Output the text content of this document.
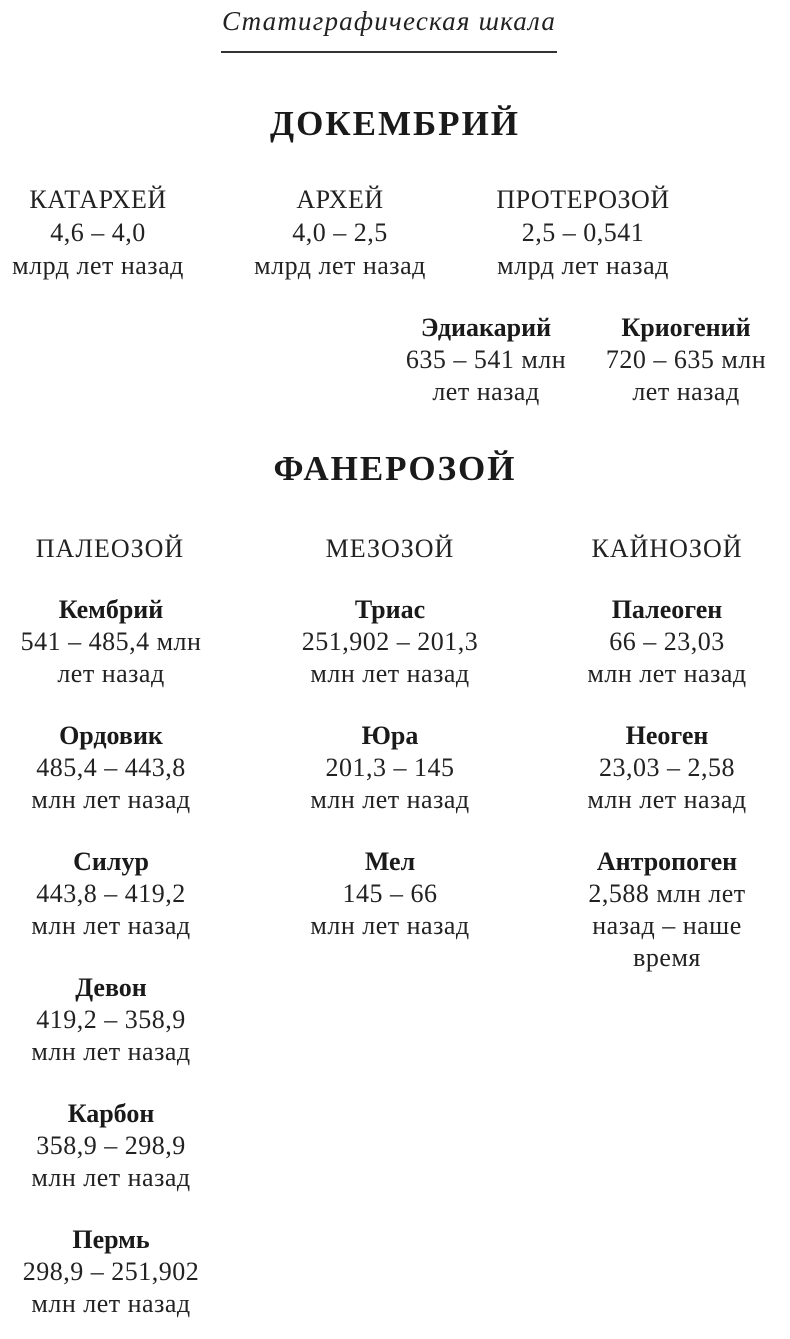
Статиграфическая шкала
ДОКЕМБРИЙ
КАТАРХЕЙ
4,6 – 4,0
млрд лет назад
АРХЕЙ
4,0 – 2,5
млрд лет назад
ПРОТЕРОЗОЙ
2,5 – 0,541
млрд лет назад
Эдиакарий
635 – 541 млн
лет назад
Криогений
720 – 635 млн
лет назад
ФАНЕРОЗОЙ
ПАЛЕОЗОЙ	МЕЗОЗОЙ	КАЙНОЗОЙ
Кембрий
541 – 485,4 млн
лет назад
Ордовик
485,4 – 443,8
млн лет назад
Силур
443,8 – 419,2
млн лет назад
Девон
419,2 – 358,9
млн лет назад
Карбон
358,9 – 298,9
млн лет назад
Пермь
298,9 – 251,902
млн лет назад
Триас
251,902 – 201,3
млн лет назад
Юра
201,3 – 145
млн лет назад
Мел
145 – 66
млн лет назад
Палеоген
66 – 23,03
млн лет назад
Неоген
23,03 – 2,58
млн лет назад
Антропоген
2,588 млн лет
назад – наше
время
